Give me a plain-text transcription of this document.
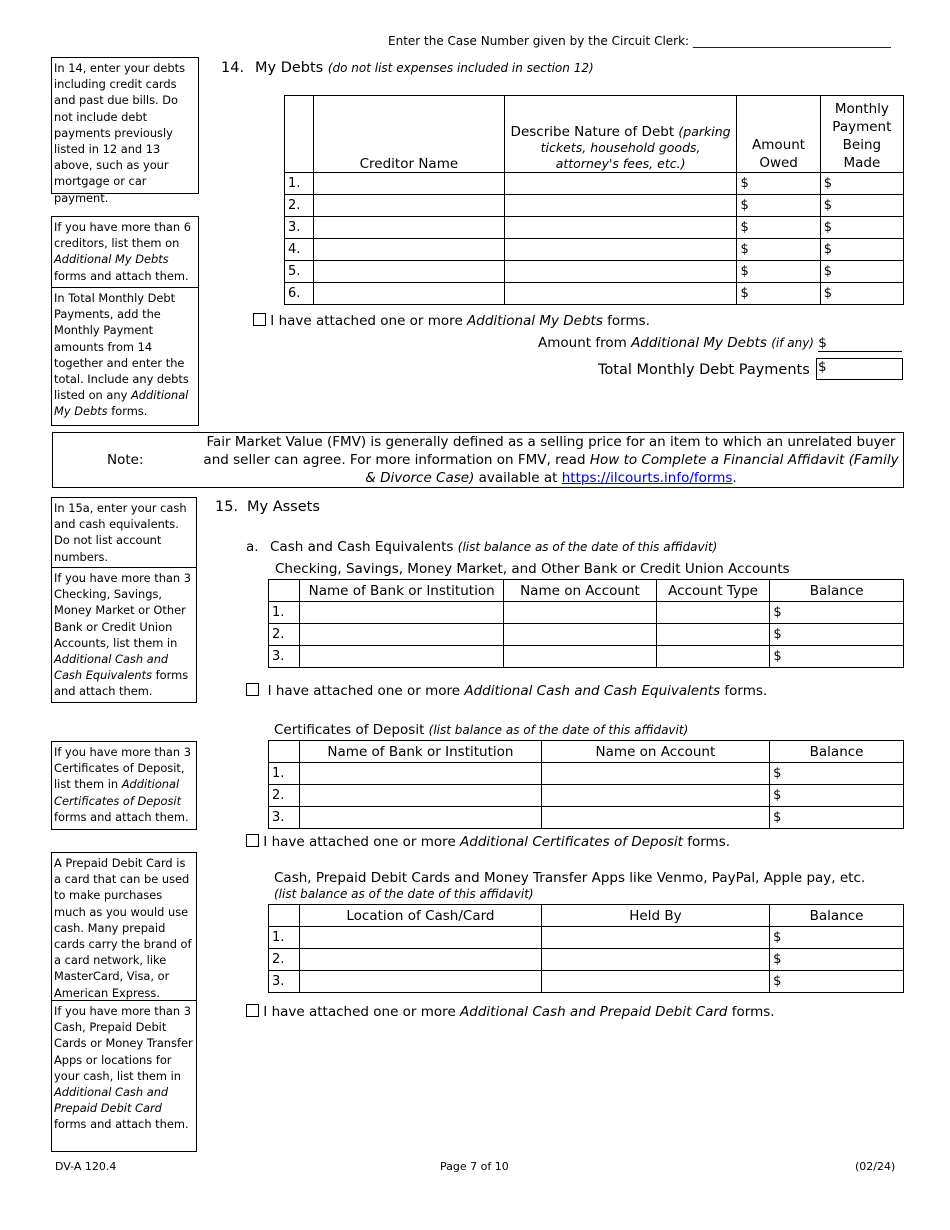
Enter the Case Number given by the Circuit Clerk: _________________________________
In 14, enter your debts including credit cards and past due bills. Do not include debt payments previously listed in 12 and 13 above, such as your mortgage or car payment.
If you have more than 6 creditors, list them on Additional My Debts forms and attach them.
In Total Monthly Debt Payments, add the Monthly Payment amounts from 14 together and enter the total. Include any debts listed on any Additional My Debts forms.
In 15a, enter your cash and cash equivalents. Do not list account numbers.
If you have more than 3 Checking, Savings, Money Market or Other Bank or Credit Union Accounts, list them in Additional Cash and Cash Equivalents forms and attach them.
If you have more than 3 Certificates of Deposit, list them in Additional Certificates of Deposit forms and attach them.
A Prepaid Debit Card is a card that can be used to make purchases much as you would use cash. Many prepaid cards carry the brand of a card network, like MasterCard, Visa, or American Express.
If you have more than 3 Cash, Prepaid Debit Cards or Money Transfer Apps or locations for your cash, list them in Additional Cash and Prepaid Debit Card forms and attach them.
14. My Debts (do not list expenses included in section 12)
	Creditor Name	Describe Nature of Debt (parking tickets, household goods, attorney's fees, etc.)	Amount Owed	Monthly Payment Being Made
1.			$	$
2.			$	$
3.			$	$
4.			$	$
5.			$	$
6.			$	$
I have attached one or more Additional My Debts forms.
Amount from Additional My Debts (if any) $
Total Monthly Debt Payments $
Note:
Fair Market Value (FMV) is generally defined as a selling price for an item to which an unrelated buyer and seller can agree. For more information on FMV, read How to Complete a Financial Affidavit (Family & Divorce Case) available at https://ilcourts.info/forms.
15. My Assets
a. Cash and Cash Equivalents (list balance as of the date of this affidavit)
Checking, Savings, Money Market, and Other Bank or Credit Union Accounts
	Name of Bank or Institution	Name on Account	Account Type	Balance
1.				$
2.				$
3.				$
I have attached one or more Additional Cash and Cash Equivalents forms.
Certificates of Deposit (list balance as of the date of this affidavit)
	Name of Bank or Institution	Name on Account	Balance
1.			$
2.			$
3.			$
I have attached one or more Additional Certificates of Deposit forms.
Cash, Prepaid Debit Cards and Money Transfer Apps like Venmo, PayPal, Apple pay, etc.
(list balance as of the date of this affidavit)
	Location of Cash/Card	Held By	Balance
1.			$
2.			$
3.			$
I have attached one or more Additional Cash and Prepaid Debit Card forms.
DV-A 120.4	Page 7 of 10	(02/24)
